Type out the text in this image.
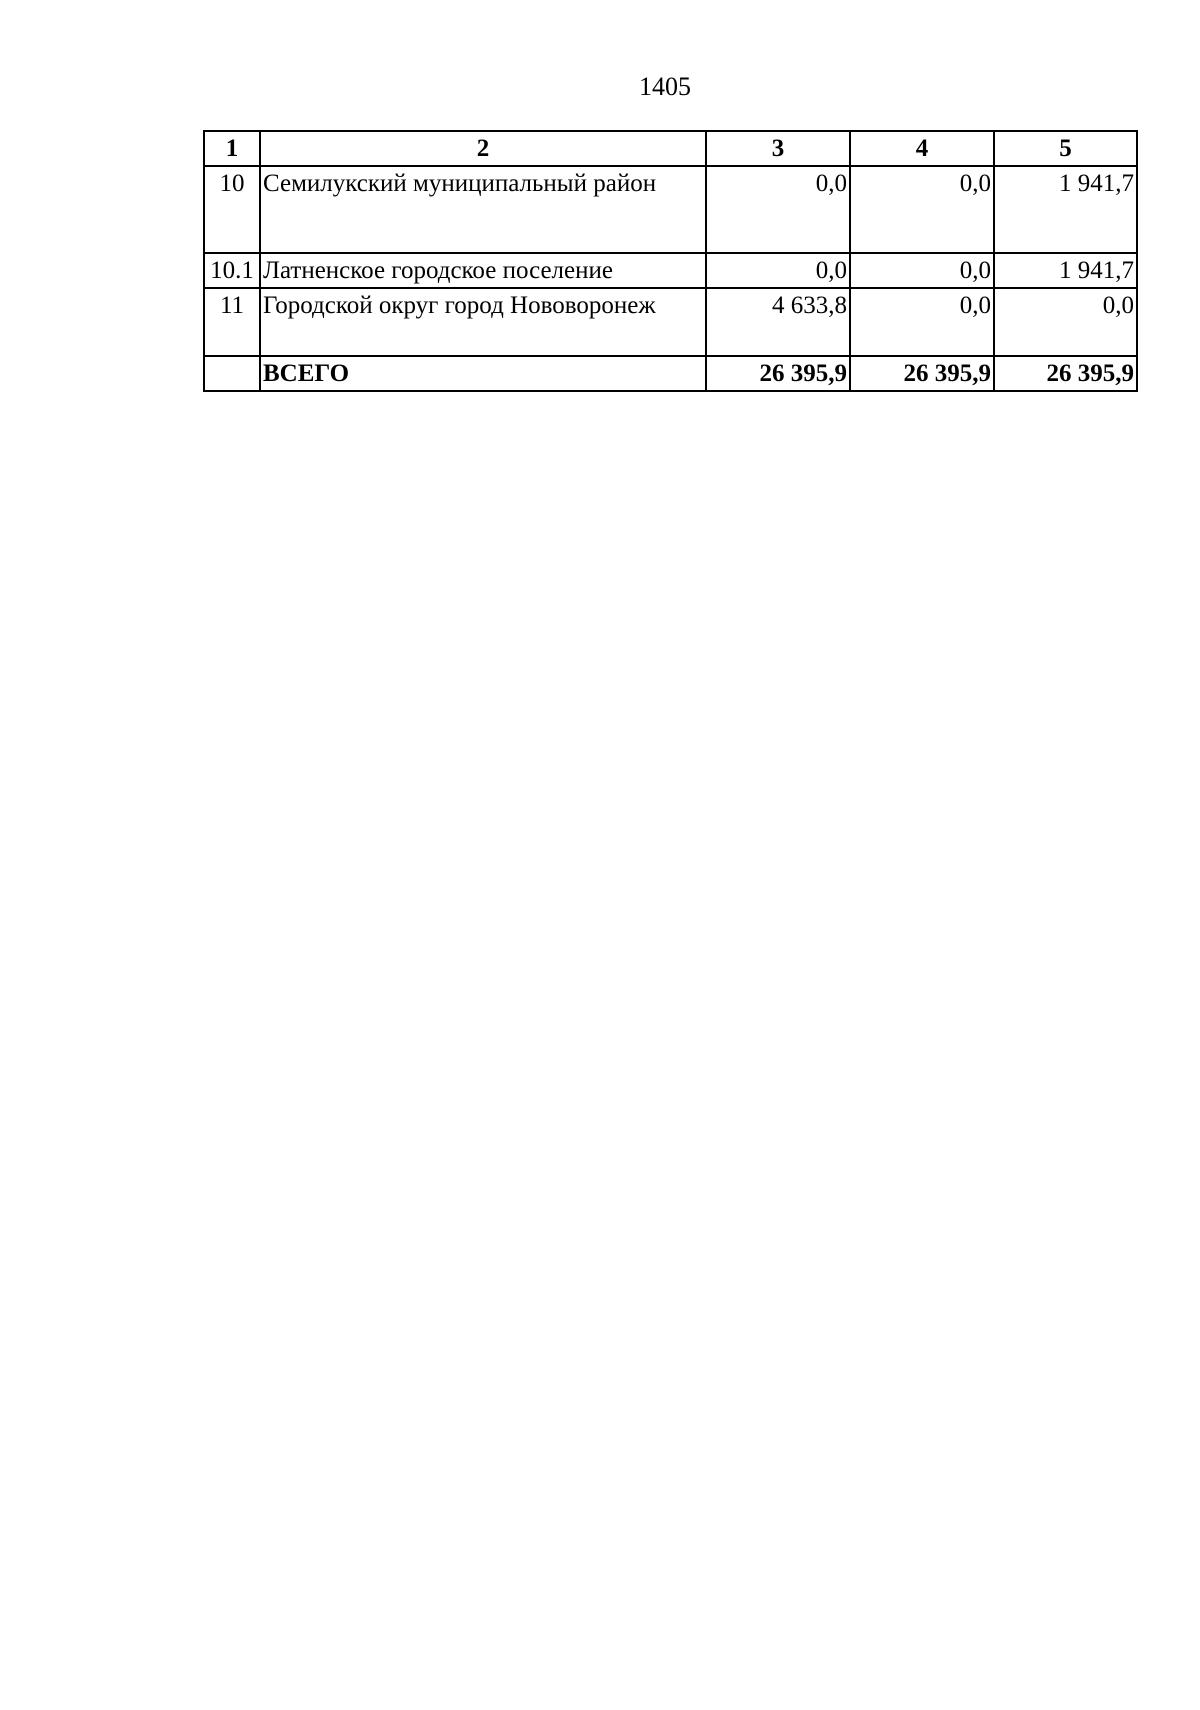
1405
1	2	3	4	5
10	Семилукский муниципальный район	0,0	0,0	1 941,7
10.1	Латненское городское поселение	0,0	0,0	1 941,7
11	Городской округ город Нововоронеж	4 633,8	0,0	0,0
	ВСЕГО	26 395,9	26 395,9	26 395,9
